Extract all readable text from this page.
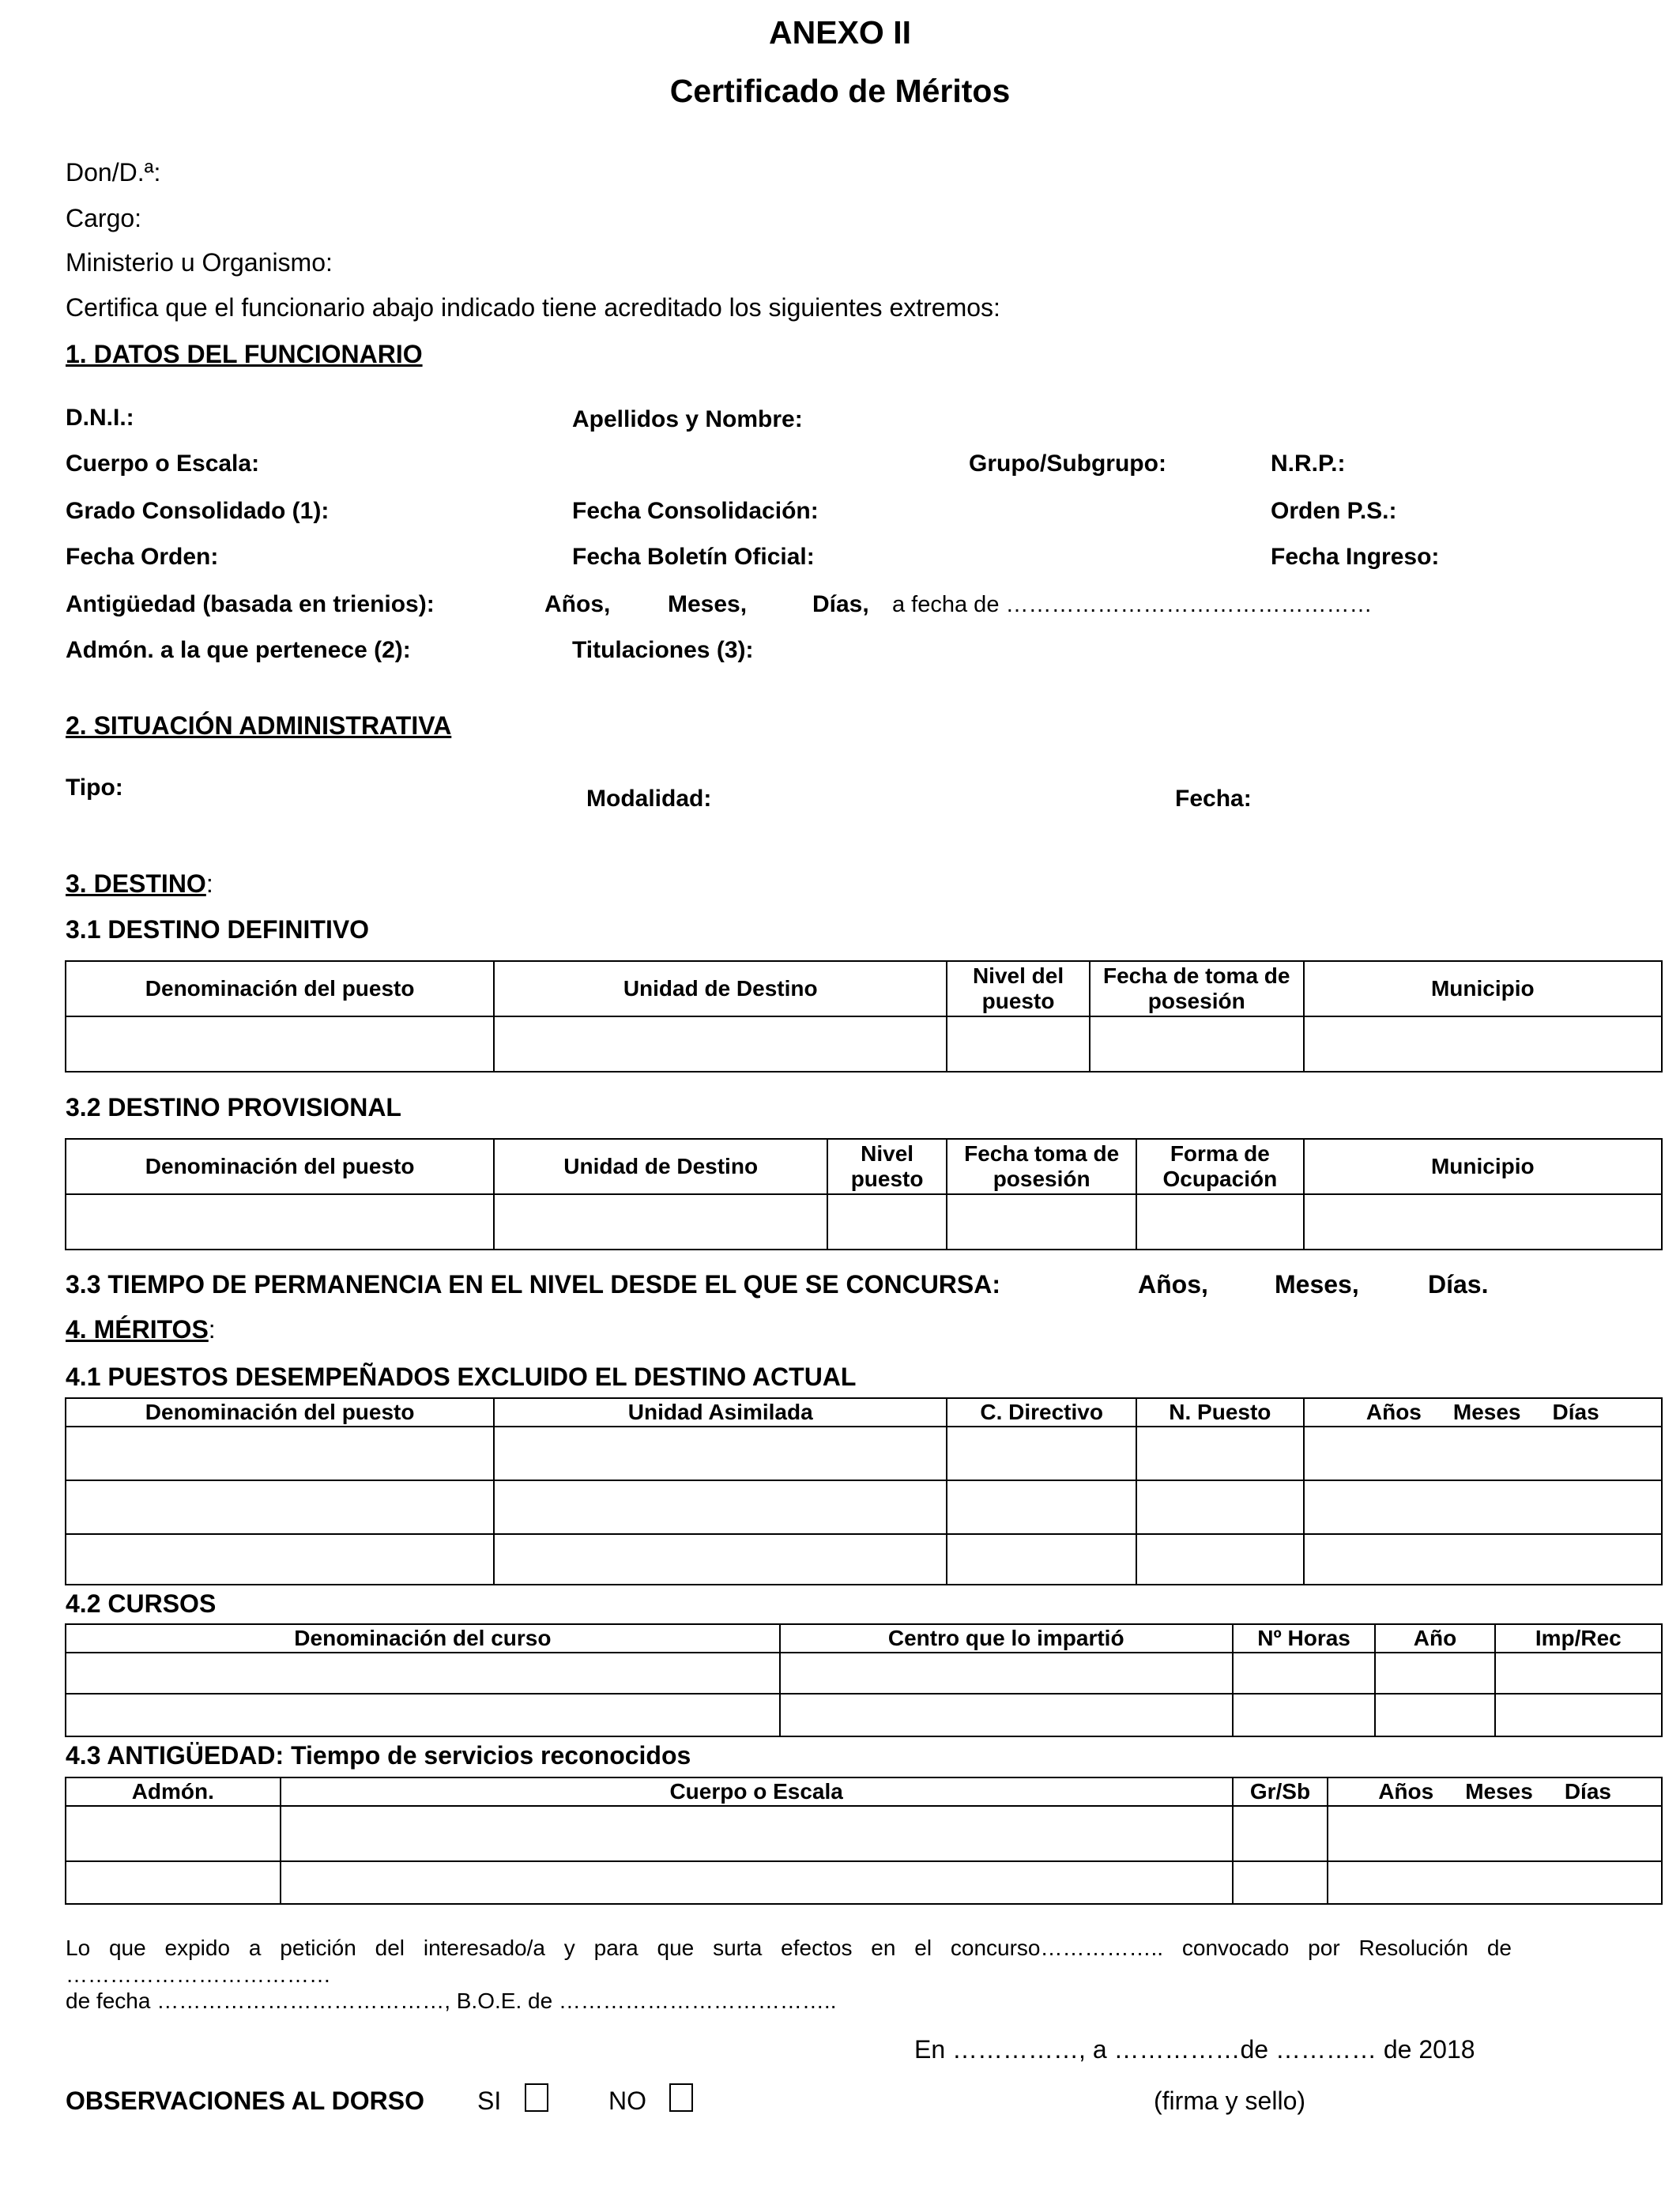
ANEXO II
Certificado de Méritos
Don/D.ª:
Cargo:
Ministerio u Organismo:
Certifica que el funcionario abajo indicado tiene acreditado los siguientes extremos:
1. DATOS DEL FUNCIONARIO
D.N.I.:	Apellidos y Nombre:
Cuerpo o Escala:	Grupo/Subgrupo:	N.R.P.:
Grado Consolidado (1):	Fecha Consolidación:	Orden P.S.:
Fecha Orden:	Fecha Boletín Oficial:	Fecha Ingreso:
Antigüedad (basada en trienios):	Años, Meses,	Días, a fecha de …………………………………………
Admón. a la que pertenece (2):	Titulaciones (3):
2. SITUACIÓN ADMINISTRATIVA
Tipo:	Modalidad:	Fecha:
3. DESTINO:
3.1 DESTINO DEFINITIVO
Denominación del puesto	Unidad de Destino	Nivel del puesto	Fecha de toma de posesión	Municipio

3.2 DESTINO PROVISIONAL
Denominación del puesto	Unidad de Destino	Nivel puesto	Fecha toma de posesión	Forma de Ocupación	Municipio

3.3 TIEMPO DE PERMANENCIA EN EL NIVEL DESDE EL QUE SE CONCURSA:	Años,	Meses,	Días.
4. MÉRITOS:
4.1 PUESTOS DESEMPEÑADOS EXCLUIDO EL DESTINO ACTUAL
Denominación del puesto	Unidad Asimilada	C. Directivo	N. Puesto	Años Meses Días

4.2 CURSOS
Denominación del curso	Centro que lo impartió	Nº Horas	Año	Imp/Rec

4.3 ANTIGÜEDAD: Tiempo de servicios reconocidos
Admón.	Cuerpo o Escala	Gr/Sb	Años Meses Días

Lo que expido a petición del interesado/a y para que surta efectos en el concurso…………….. convocado por Resolución de
………………………………
de fecha …………………………………, B.O.E. de ………………………………..
En ……………, a ……………de ………… de 2018
OBSERVACIONES AL DORSO SI	NO	(firma y sello)
